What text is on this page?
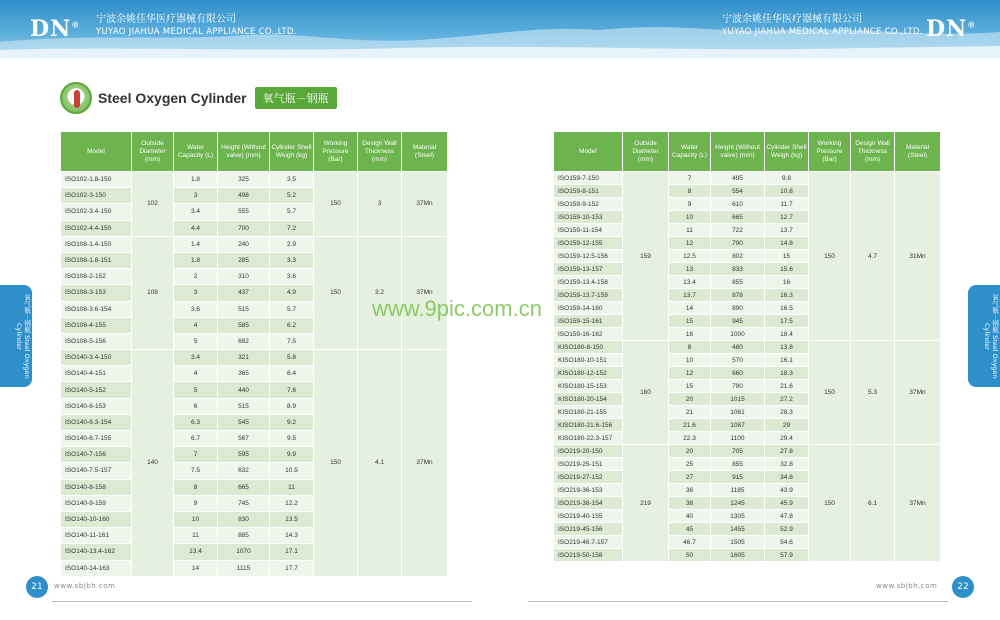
DN® 宁波余姚佳华医疗器械有限公司
YUYAO JIAHUA MEDICAL APPLIANCE CO.,LTD.
宁波余姚佳华医疗器械有限公司
YUYAO JIAHUA MEDICAL APPLIANCE CO.,LTD. DN®
Steel Oxygen Cylinder	氧气瓶－钢瓶
Model	Outside Diameter (mm)	Water Capacity (L)	Height (Without valve) (mm)	Cylinder Shell Weigh (kg)	Working Pressure (Bar)	Design Wall Thickness (mm)	Material (Steel)
ISO102-1.8-150	102	1.8	325	3.5	150	3	37Mn
ISO102-3-150		3	498	5.2			
ISO102-3.4-150		3.4	555	5.7			
ISO102-4.4-150		4.4	700	7.2			
ISO108-1.4-150	108	1.4	240	2.9	150	3.2	37Mn
ISO108-1.8-151		1.8	285	3.3			
ISO108-2-152		2	310	3.6			
ISO108-3-153		3	437	4.9			
ISO108-3.6-154		3.6	515	5.7			
ISO108-4-155		4	585	6.2			
ISO108-5-156		5	692	7.5			
ISO140-3.4-150	140	3.4	321	5.8	150	4.1	37Mn
ISO140-4-151		4	365	6.4			
ISO140-5-152		5	440	7.6			
ISO140-6-153		6	515	8.9			
ISO140-6.3-154		6.3	545	9.2			
ISO140-6.7-155		6.7	567	9.5			
ISO140-7-156		7	595	9.9			
ISO140-7.5-157		7.5	632	10.5			
ISO140-8-158		8	665	11			
ISO140-9-159		9	745	12.2			
ISO140-10-160		10	830	13.5			
ISO140-11-161		11	885	14.3			
ISO140-13.4-162		13.4	1070	17.1			
ISO140-14-163		14	1115	17.7			
Model	Outside Diameter (mm)	Water Capacity (L)	Height (Without valve) (mm)	Cylinder Shell Weigh (kg)	Working Pressure (Bar)	Design Wall Thickness (mm)	Material (Steel)
ISO159-7-150	159	7	495	9.8	150	4.7	31Mn
ISO159-8-151		8	554	10.8			
ISO159-9-152		9	610	11.7			
ISO159-10-153		10	665	12.7			
ISO159-11-154		11	722	13.7			
ISO159-12-155		12	790	14.8			
ISO159-12.5-156		12.5	802	15			
ISO159-13-157		13	833	15.6			
ISO159-13.4-158		13.4	855	16			
ISO159-13.7-159		13.7	878	16.3			
ISO159-14-160		14	890	16.5			
ISO159-15-161		15	945	17.5			
ISO159-16-162		16	1000	18.4			
KISO180-8-150	180	8	480	13.8	150	5.3	37Mn
KISO180-10-151		10	570	16.1			
KISO180-12-152		12	660	18.3			
KISO180-15-153		15	790	21.6			
KISO180-20-154		20	1015	27.2			
KISO180-21-155		21	1061	28.3			
KISO180-21.6-156		21.6	1087	29			
KISO180-22.3-157		22.3	1100	29.4			
ISO219-20-150	219	20	705	27.8	150	6.1	37Mn
ISO219-25-151		25	855	32.8			
ISO219-27-152		27	915	34.8			
ISO219-36-153		36	1185	43.9			
ISO219-38-154		38	1245	45.9			
ISO219-40-155		40	1305	47.8			
ISO219-45-156		45	1455	52.9			
ISO219-46.7-157		46.7	1505	54.6			
ISO219-50-158		50	1605	57.9			
www.9pic.com.cn
氧气瓶－钢瓶 Steel Oxygen Cylinder
氧气瓶－钢瓶 Steel Oxygen Cylinder
21	www.sbjbh.com	www.sbjbh.com	22
